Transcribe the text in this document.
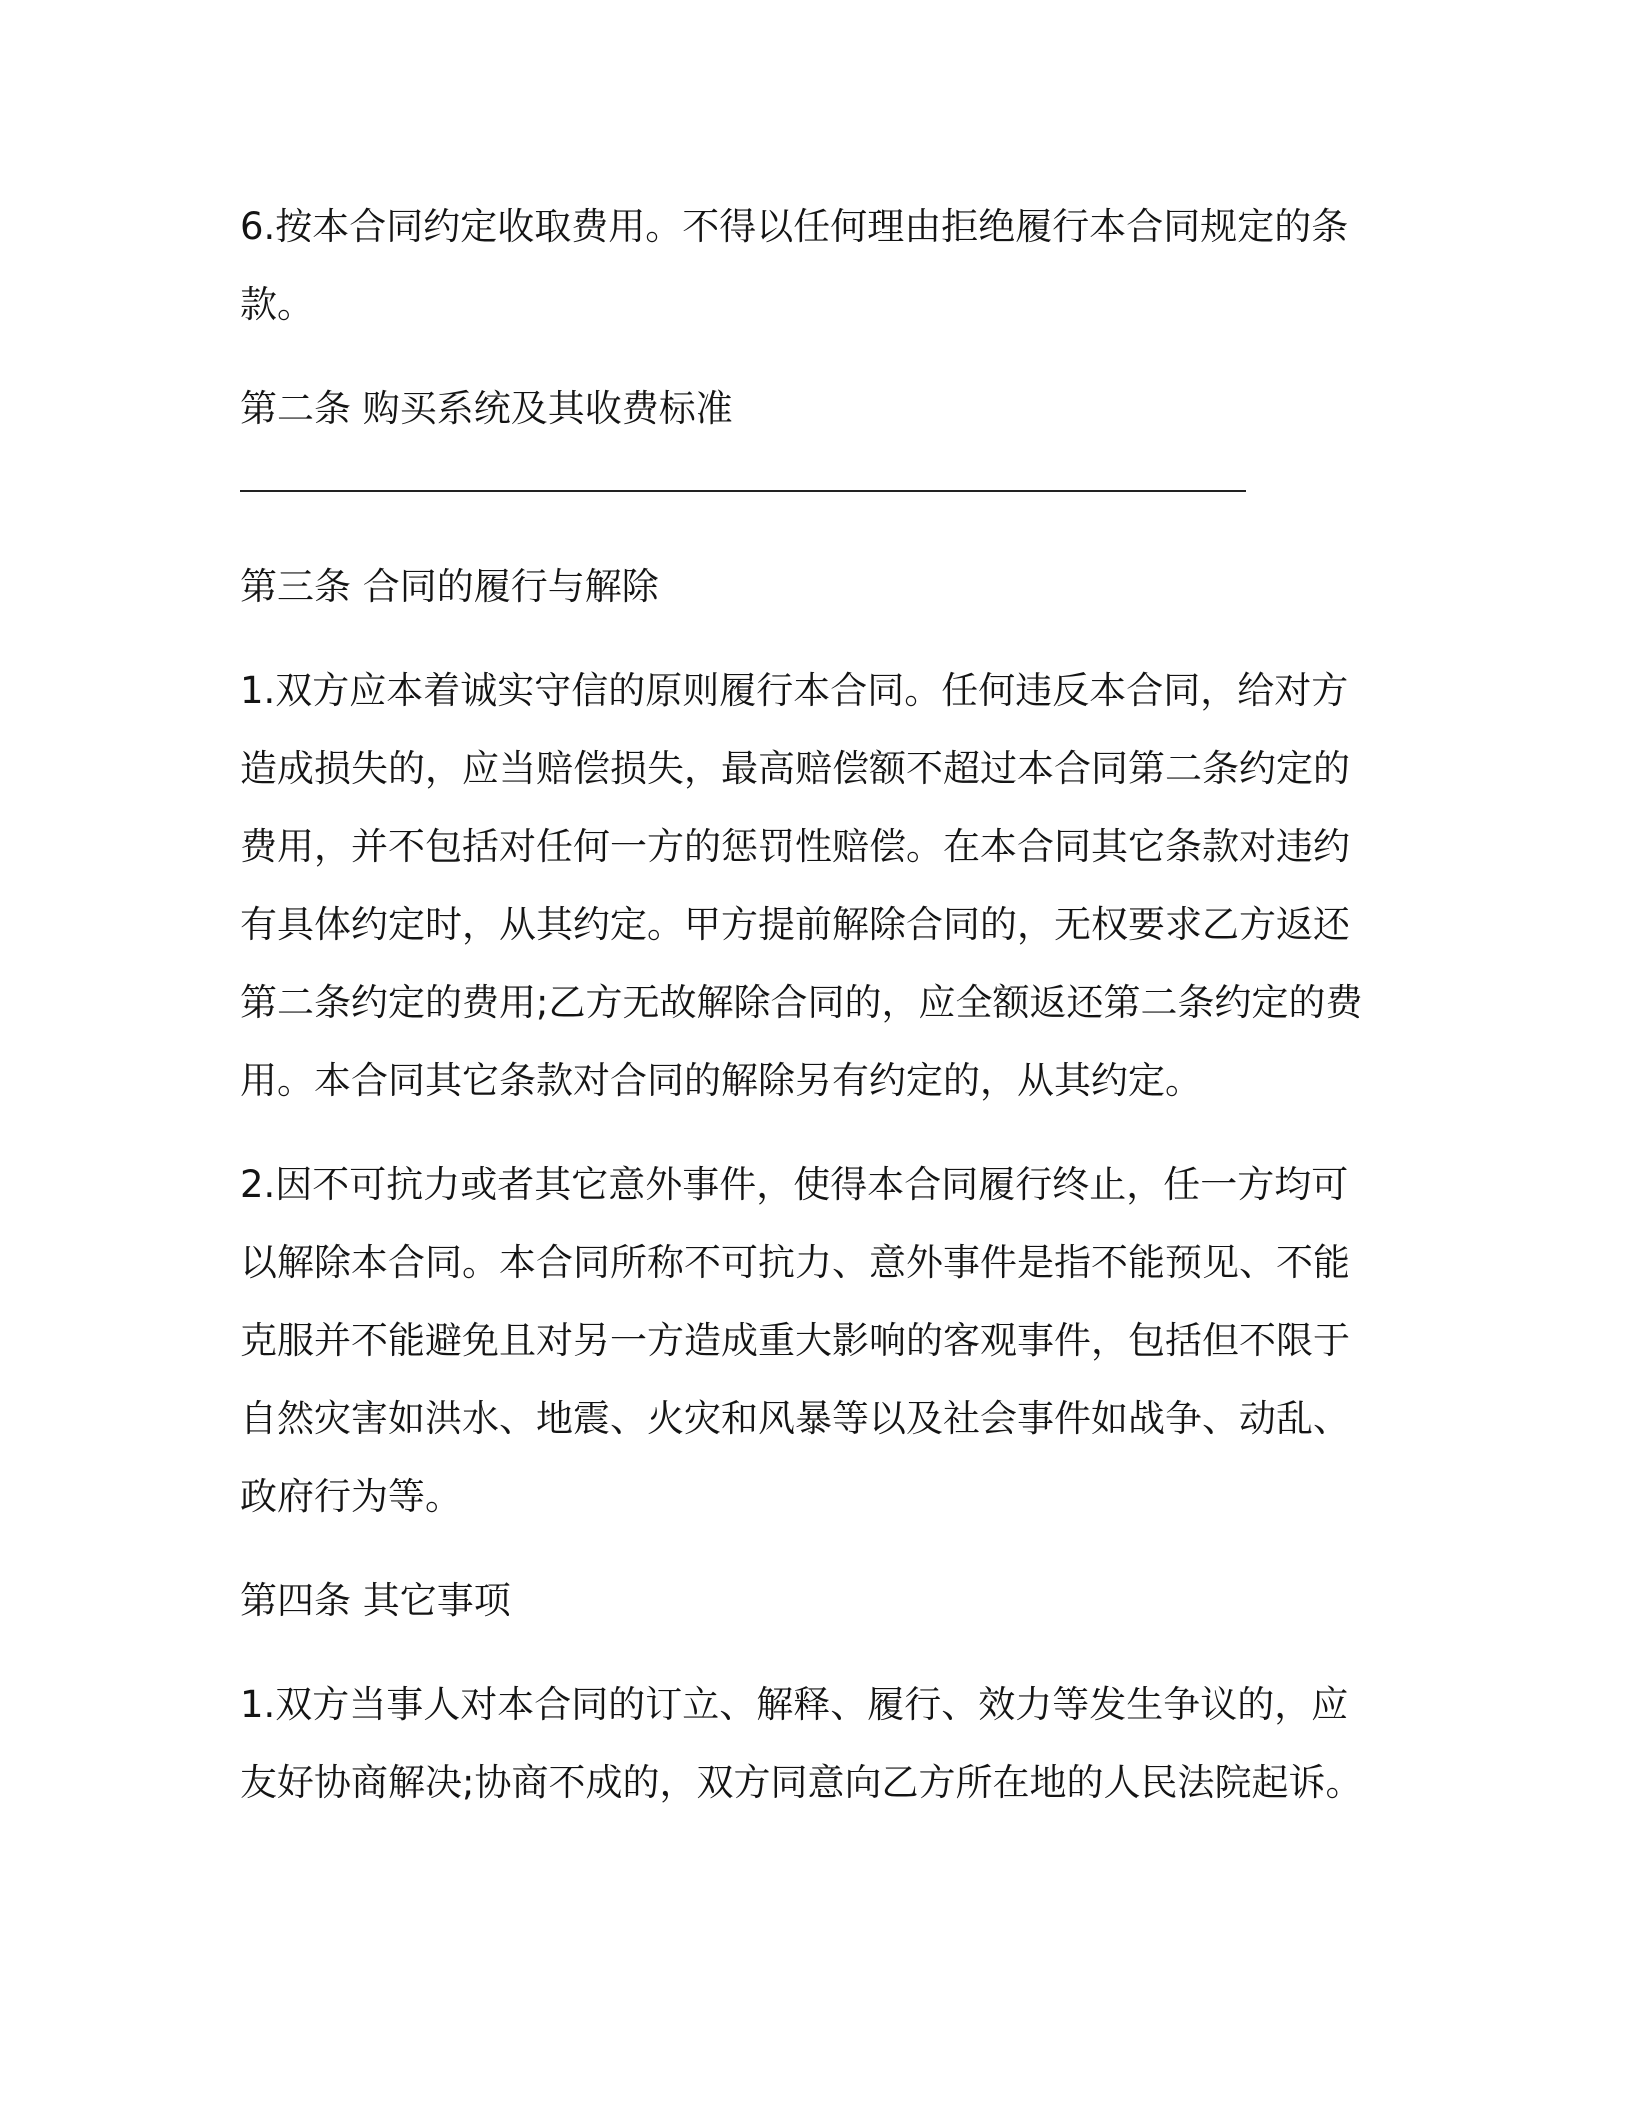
6.按本合同约定收取费用。不得以任何理由拒绝履行本合同规定的条款。

第二条 购买系统及其收费标准

第三条 合同的履行与解除

1.双方应本着诚实守信的原则履行本合同。任何违反本合同，给对方造成损失的，应当赔偿损失，最高赔偿额不超过本合同第二条约定的费用，并不包括对任何一方的惩罚性赔偿。在本合同其它条款对违约有具体约定时，从其约定。甲方提前解除合同的，无权要求乙方返还第二条约定的费用;乙方无故解除合同的，应全额返还第二条约定的费用。本合同其它条款对合同的解除另有约定的，从其约定。

2.因不可抗力或者其它意外事件，使得本合同履行终止，任一方均可以解除本合同。本合同所称不可抗力、意外事件是指不能预见、不能克服并不能避免且对另一方造成重大影响的客观事件，包括但不限于自然灾害如洪水、地震、火灾和风暴等以及社会事件如战争、动乱、政府行为等。

第四条 其它事项

1.双方当事人对本合同的订立、解释、履行、效力等发生争议的，应友好协商解决;协商不成的，双方同意向乙方所在地的人民法院起诉。
